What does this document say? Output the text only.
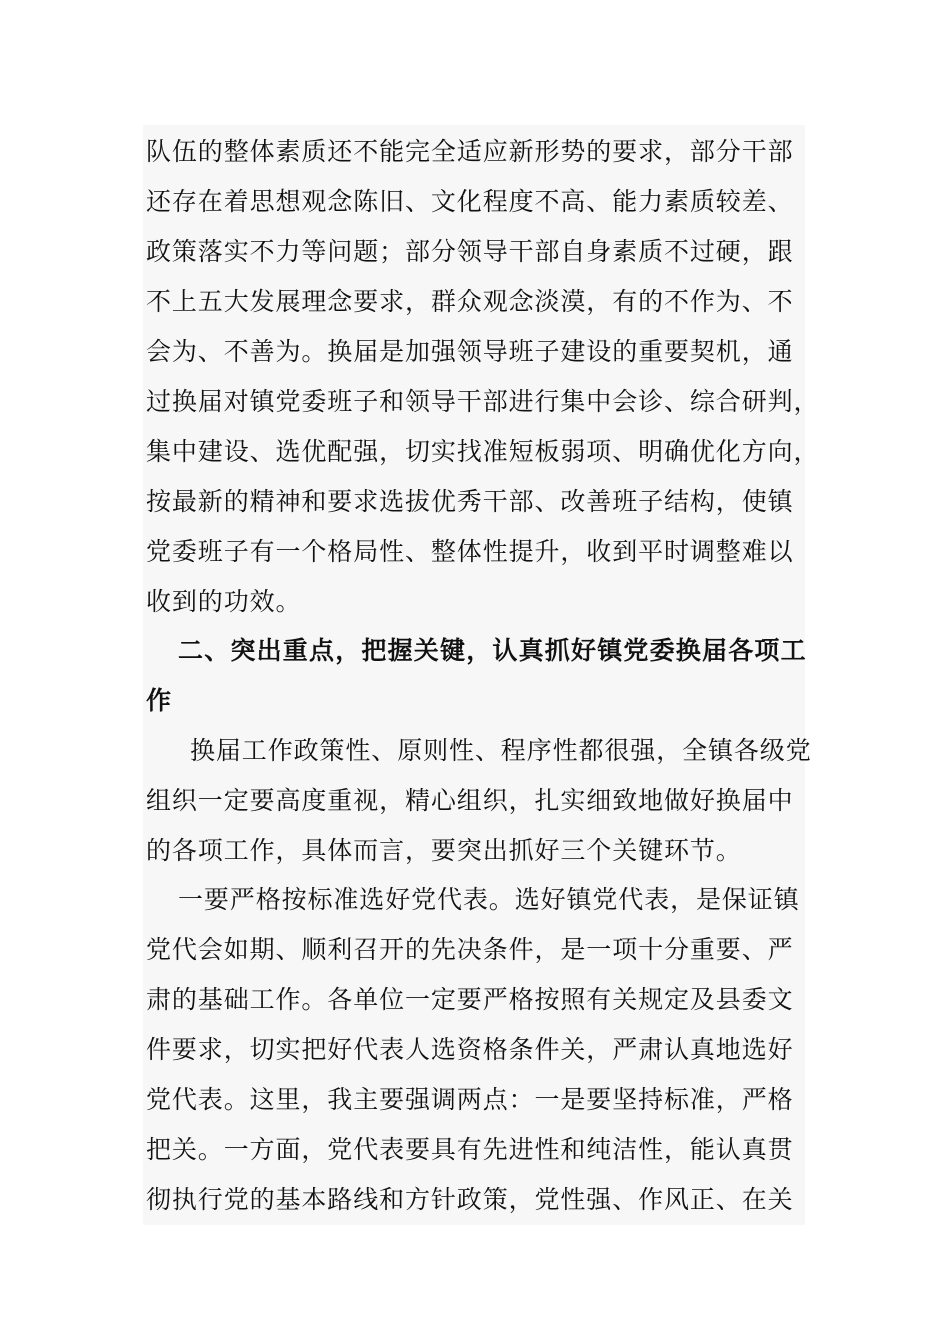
队伍的整体素质还不能完全适应新形势的要求，部分干部
还存在着思想观念陈旧、文化程度不高、能力素质较差、
政策落实不力等问题；部分领导干部自身素质不过硬，跟
不上五大发展理念要求，群众观念淡漠，有的不作为、不
会为、不善为。换届是加强领导班子建设的重要契机，通
过换届对镇党委班子和领导干部进行集中会诊、综合研判，
集中建设、选优配强，切实找准短板弱项、明确优化方向，
按最新的精神和要求选拔优秀干部、改善班子结构，使镇
党委班子有一个格局性、整体性提升，收到平时调整难以
收到的功效。
二、突出重点，把握关键，认真抓好镇党委换届各项工
作
换届工作政策性、原则性、程序性都很强，全镇各级党
组织一定要高度重视，精心组织，扎实细致地做好换届中
的各项工作，具体而言，要突出抓好三个关键环节。
一要严格按标准选好党代表。选好镇党代表，是保证镇
党代会如期、顺利召开的先决条件，是一项十分重要、严
肃的基础工作。各单位一定要严格按照有关规定及县委文
件要求，切实把好代表人选资格条件关，严肃认真地选好
党代表。这里，我主要强调两点：一是要坚持标准，严格
把关。一方面，党代表要具有先进性和纯洁性，能认真贯
彻执行党的基本路线和方针政策，党性强、作风正、在关
